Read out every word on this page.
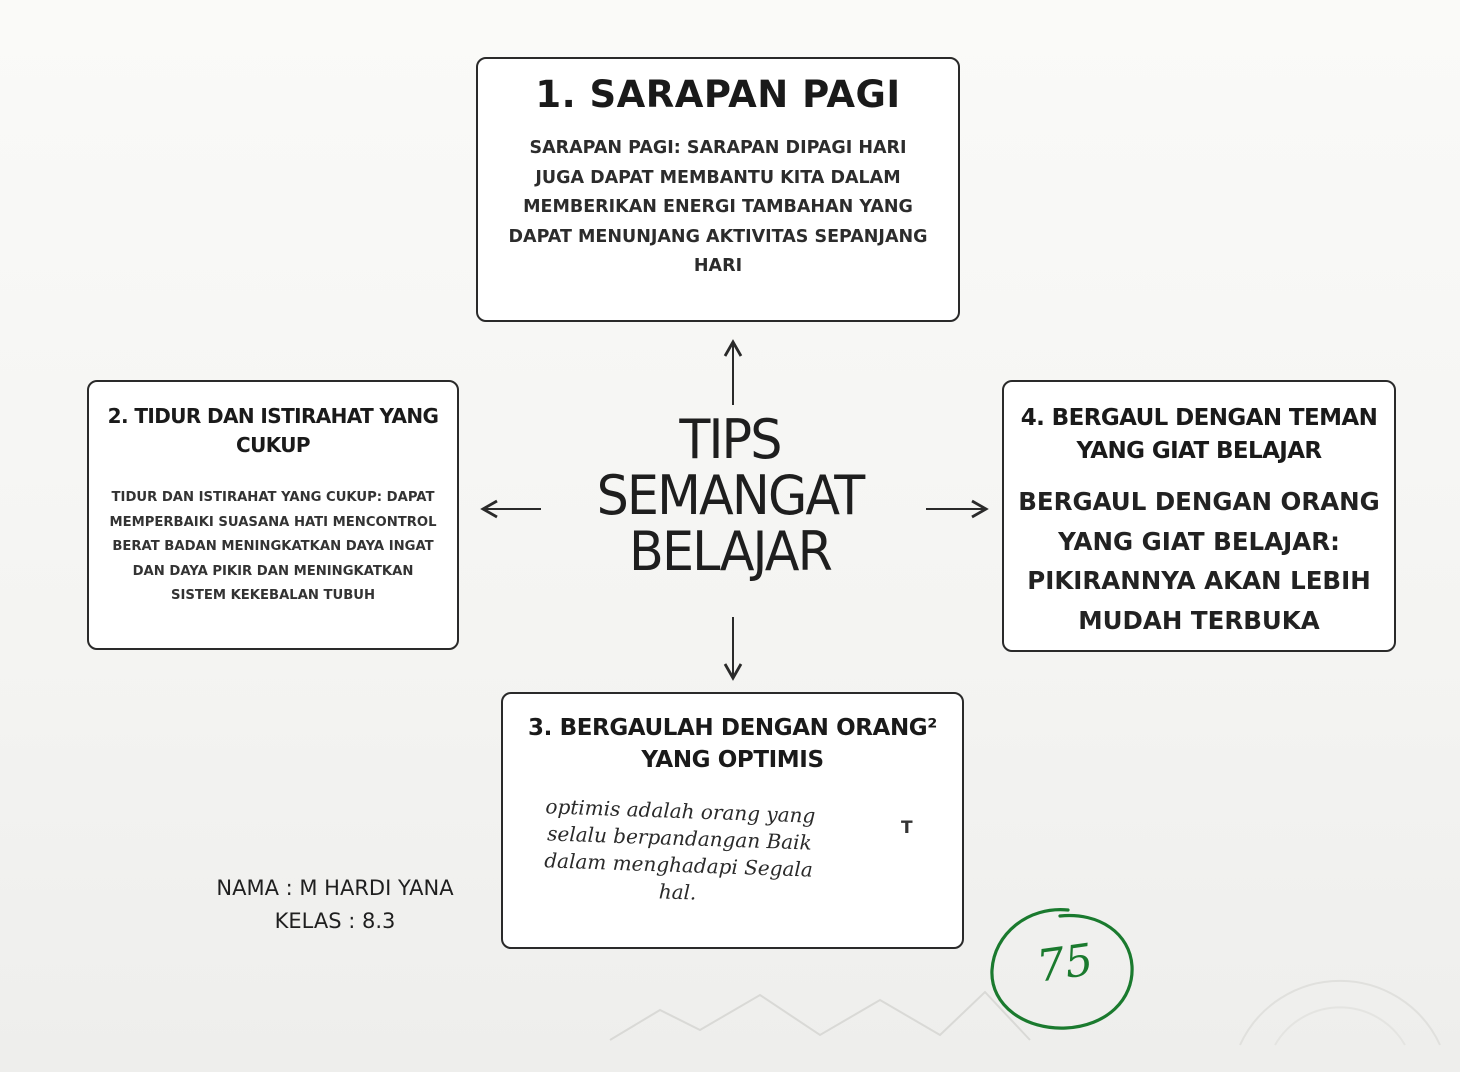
TIPS
SEMANGAT
BELAJAR
1. SARAPAN PAGI

SARAPAN PAGI: SARAPAN DIPAGI HARI JUGA DAPAT MEMBANTU KITA DALAM MEMBERIKAN ENERGI TAMBAHAN YANG DAPAT MENUNJANG AKTIVITAS SEPANJANG HARI

2. TIDUR DAN ISTIRAHAT YANG CUKUP

TIDUR DAN ISTIRAHAT YANG CUKUP: DAPAT MEMPERBAIKI SUASANA HATI MENCONTROL BERAT BADAN MENINGKATKAN DAYA INGAT DAN DAYA PIKIR DAN MENINGKATKAN SISTEM KEKEBALAN TUBUH

3. BERGAULAH DENGAN ORANG² YANG OPTIMIS
optimis adalah orang yang selalu berpandangan Baik dalam menghadapi Segala hal.
T
4. BERGAUL DENGAN TEMAN YANG GIAT BELAJAR

BERGAUL DENGAN ORANG YANG GIAT BELAJAR: PIKIRANNYA AKAN LEBIH MUDAH TERBUKA

NAMA : M HARDI YANA
KELAS : 8.3
75
